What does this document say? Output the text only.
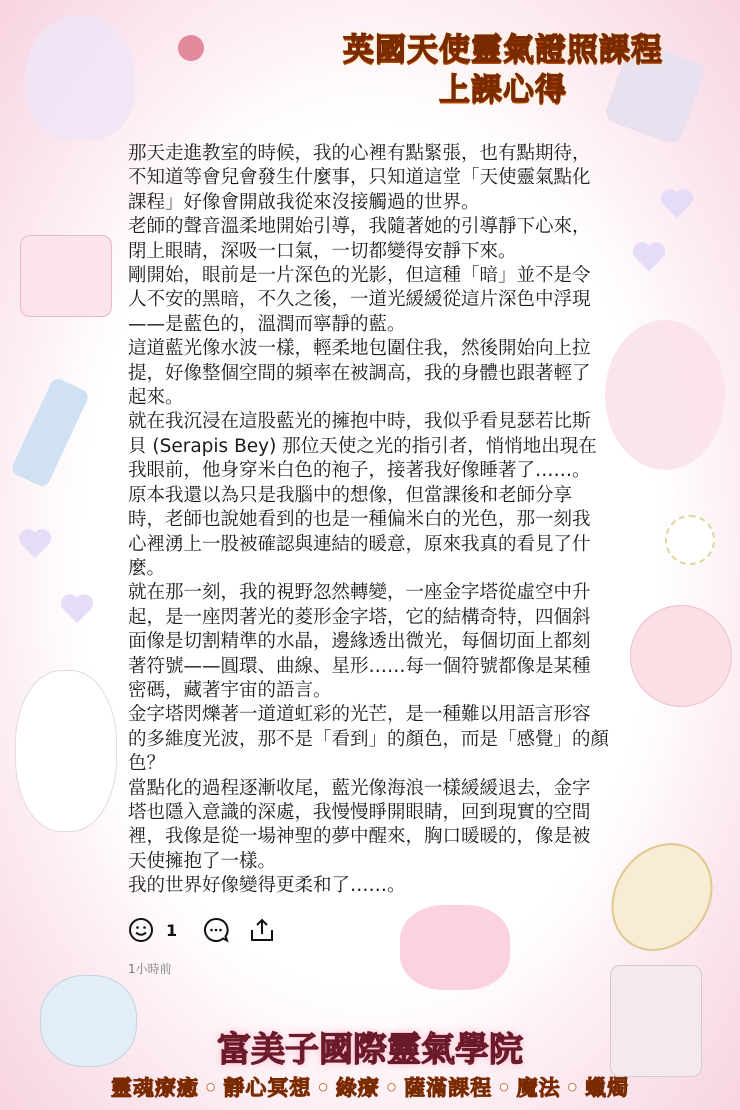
英國天使靈氣證照課程
上課心得
那天走進教室的時候，我的心裡有點緊張，也有點期待，
不知道等會兒會發生什麼事，只知道這堂「天使靈氣點化
課程」好像會開啟我從來沒接觸過的世界。
老師的聲音溫柔地開始引導，我隨著她的引導靜下心來，
閉上眼睛，深吸一口氣，一切都變得安靜下來。
剛開始，眼前是一片深色的光影，但這種「暗」並不是令
人不安的黑暗，不久之後，一道光緩緩從這片深色中浮現
——是藍色的，溫潤而寧靜的藍。
這道藍光像水波一樣，輕柔地包圍住我，然後開始向上拉
提，好像整個空間的頻率在被調高，我的身體也跟著輕了
起來。
就在我沉浸在這股藍光的擁抱中時，我似乎看見瑟若比斯
貝 (Serapis Bey) 那位天使之光的指引者，悄悄地出現在
我眼前，他身穿米白色的袍子，接著我好像睡著了……。
原本我還以為只是我腦中的想像，但當課後和老師分享
時，老師也說她看到的也是一種偏米白的光色，那一刻我
心裡湧上一股被確認與連結的暖意，原來我真的看見了什
麼。
就在那一刻，我的視野忽然轉變，一座金字塔從虛空中升
起，是一座閃著光的菱形金字塔，它的結構奇特，四個斜
面像是切割精準的水晶，邊緣透出微光，每個切面上都刻
著符號——圓環、曲線、星形……每一個符號都像是某種
密碼，藏著宇宙的語言。
金字塔閃爍著一道道虹彩的光芒，是一種難以用語言形容
的多維度光波，那不是「看到」的顏色，而是「感覺」的顏
色？
當點化的過程逐漸收尾，藍光像海浪一樣緩緩退去，金字
塔也隱入意識的深處，我慢慢睜開眼睛，回到現實的空間
裡，我像是從一場神聖的夢中醒來，胸口暖暖的，像是被
天使擁抱了一樣。
我的世界好像變得更柔和了……。
1
1小時前
富美子國際靈氣學院
靈魂療癒 • 靜心冥想 • 綠療 • 薩滿課程 • 魔法 • 蠟燭
